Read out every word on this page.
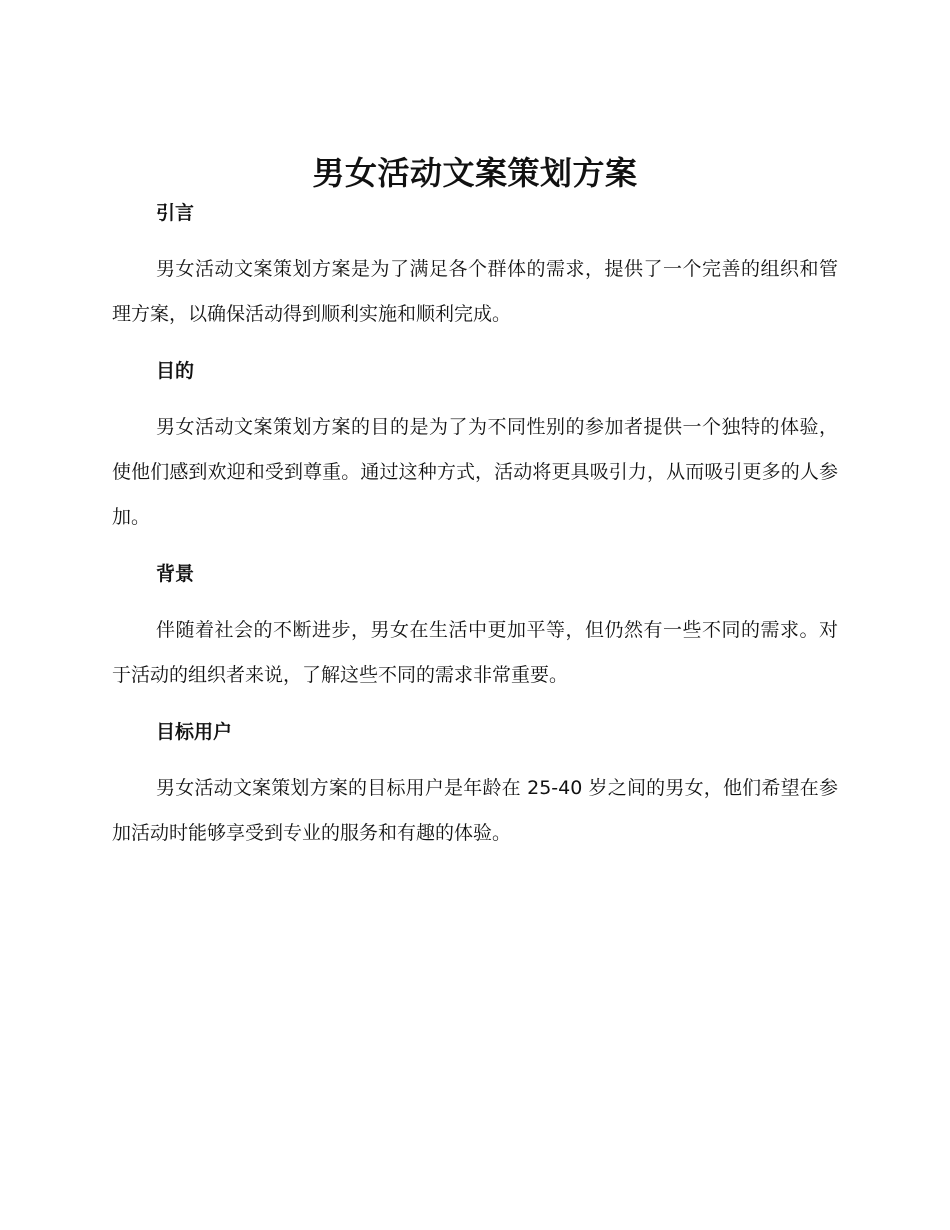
男女活动文案策划方案
引言

男女活动文案策划方案是为了满足各个群体的需求，提供了一个完善的组织和管理方案，以确保活动得到顺利实施和顺利完成。

目的

男女活动文案策划方案的目的是为了为不同性别的参加者提供一个独特的体验，使他们感到欢迎和受到尊重。通过这种方式，活动将更具吸引力，从而吸引更多的人参加。

背景

伴随着社会的不断进步，男女在生活中更加平等，但仍然有一些不同的需求。对于活动的组织者来说，了解这些不同的需求非常重要。

目标用户

男女活动文案策划方案的目标用户是年龄在 25-40 岁之间的男女，他们希望在参加活动时能够享受到专业的服务和有趣的体验。
